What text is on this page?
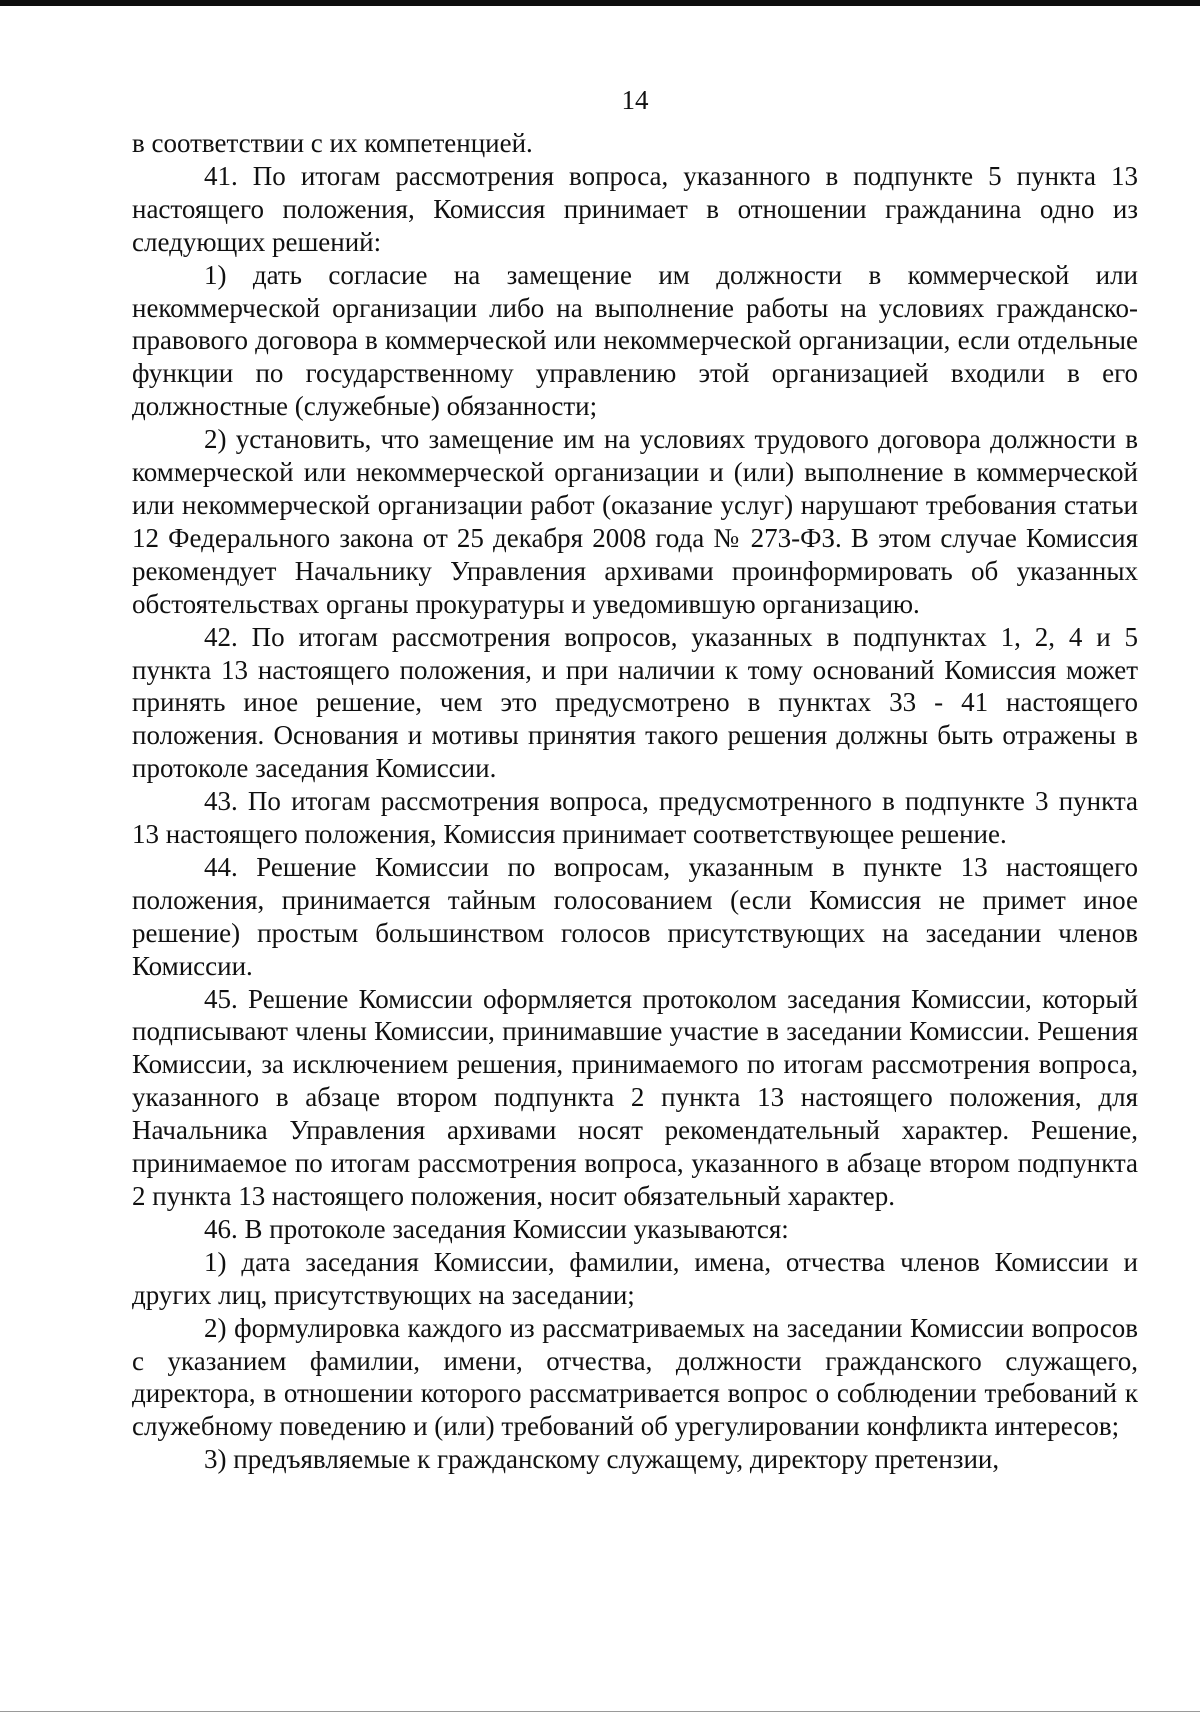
14

в соответствии с их компетенцией.

41. По итогам рассмотрения вопроса, указанного в подпункте 5 пункта 13 настоящего положения, Комиссия принимает в отношении гражданина одно из следующих решений:

1) дать согласие на замещение им должности в коммерческой или некоммерческой организации либо на выполнение работы на условиях гражданско-правового договора в коммерческой или некоммерческой организации, если отдельные функции по государственному управлению этой организацией входили в его должностные (служебные) обязанности;

2) установить, что замещение им на условиях трудового договора должности в коммерческой или некоммерческой организации и (или) выполнение в коммерческой или некоммерческой организации работ (оказание услуг) нарушают требования статьи 12 Федерального закона от 25 декабря 2008 года № 273-ФЗ. В этом случае Комиссия рекомендует Начальнику Управления архивами проинформировать об указанных обстоятельствах органы прокуратуры и уведомившую организацию.

42. По итогам рассмотрения вопросов, указанных в подпунктах 1, 2, 4 и 5 пункта 13 настоящего положения, и при наличии к тому оснований Комиссия может принять иное решение, чем это предусмотрено в пунктах 33 - 41 настоящего положения. Основания и мотивы принятия такого решения должны быть отражены в протоколе заседания Комиссии.

43. По итогам рассмотрения вопроса, предусмотренного в подпункте 3 пункта 13 настоящего положения, Комиссия принимает соответствующее решение.

44. Решение Комиссии по вопросам, указанным в пункте 13 настоящего положения, принимается тайным голосованием (если Комиссия не примет иное решение) простым большинством голосов присутствующих на заседании членов Комиссии.

45. Решение Комиссии оформляется протоколом заседания Комиссии, который подписывают члены Комиссии, принимавшие участие в заседании Комиссии. Решения Комиссии, за исключением решения, принимаемого по итогам рассмотрения вопроса, указанного в абзаце втором подпункта 2 пункта 13 настоящего положения, для Начальника Управления архивами носят рекомендательный характер. Решение, принимаемое по итогам рассмотрения вопроса, указанного в абзаце втором подпункта 2 пункта 13 настоящего положения, носит обязательный характер.

46. В протоколе заседания Комиссии указываются:

1) дата заседания Комиссии, фамилии, имена, отчества членов Комиссии и других лиц, присутствующих на заседании;

2) формулировка каждого из рассматриваемых на заседании Комиссии вопросов с указанием фамилии, имени, отчества, должности гражданского служащего, директора, в отношении которого рассматривается вопрос о соблюдении требований к служебному поведению и (или) требований об урегулировании конфликта интересов;

3) предъявляемые к гражданскому служащему, директору претензии,
